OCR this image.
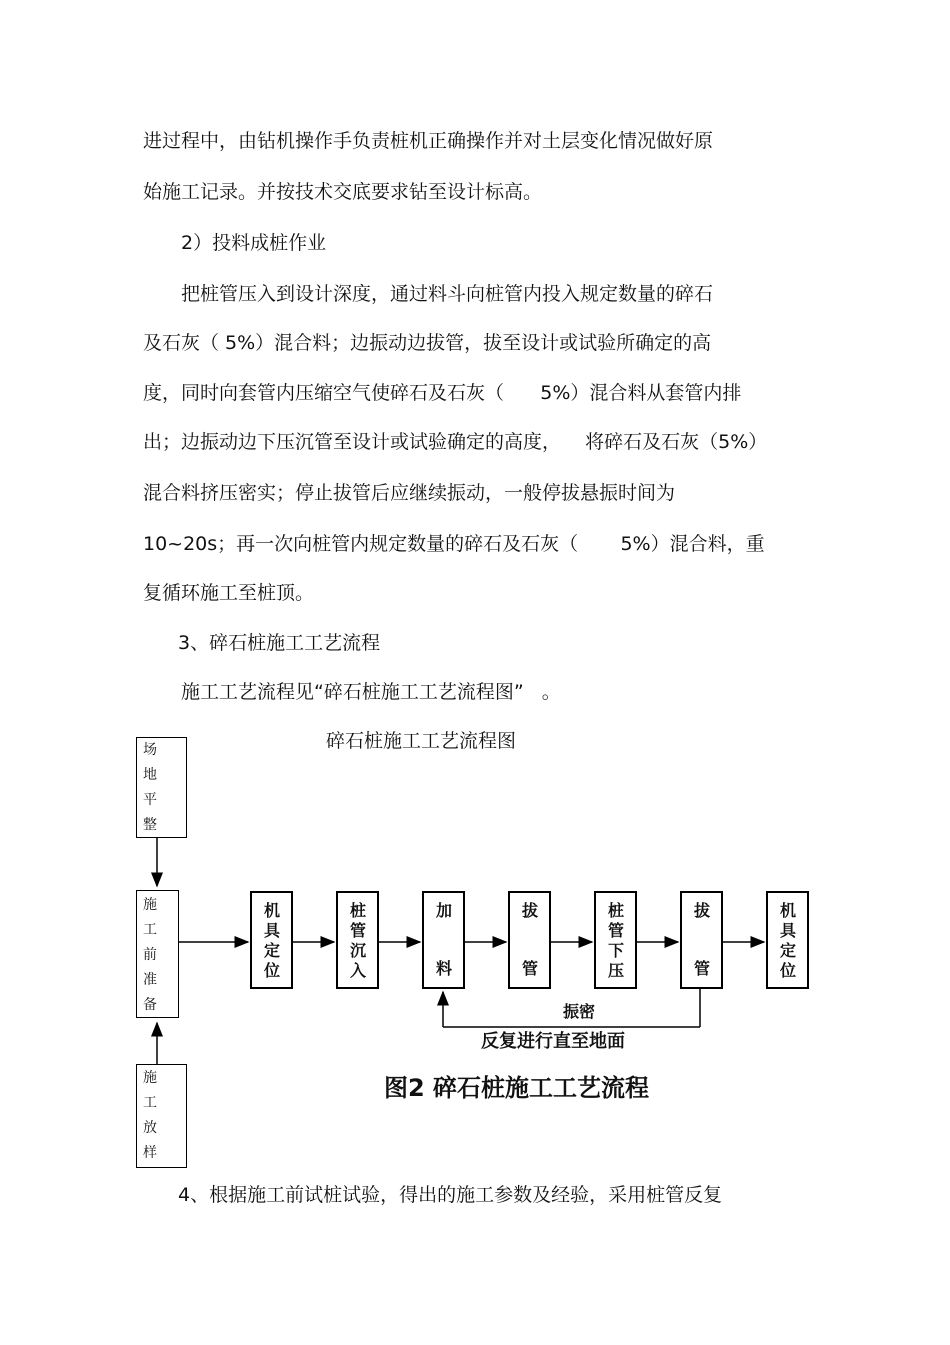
进过程中，由钻机操作手负责桩机正确操作并对土层变化情况做好原
始施工记录。并按技术交底要求钻至设计标高。
2）投料成桩作业
把桩管压入到设计深度，通过料斗向桩管内投入规定数量的碎石
及石灰（ 5%）混合料；边振动边拔管，拔至设计或试验所确定的高
度，同时向套管内压缩空气使碎石及石灰（      5%）混合料从套管内排
出；边振动边下压沉管至设计或试验确定的高度，    将碎石及石灰（5%）
混合料挤压密实；停止拔管后应继续振动，一般停拔悬振时间为
10~20s；再一次向桩管内规定数量的碎石及石灰（       5%）混合料，重
复循环施工至桩顶。
3、碎石桩施工工艺流程
施工工艺流程见“碎石桩施工工艺流程图”   。
碎石桩施工工艺流程图
场
地
平
整
施
工
前
准
备
施
工
放
样
机
具
定
位
桩
管
沉
入
加
料
拔
管
桩
管
下
压
拔
管
机
具
定
位
振密
反复进行直至地面
图2 碎石桩施工工艺流程
4、根据施工前试桩试验，得出的施工参数及经验，采用桩管反复
